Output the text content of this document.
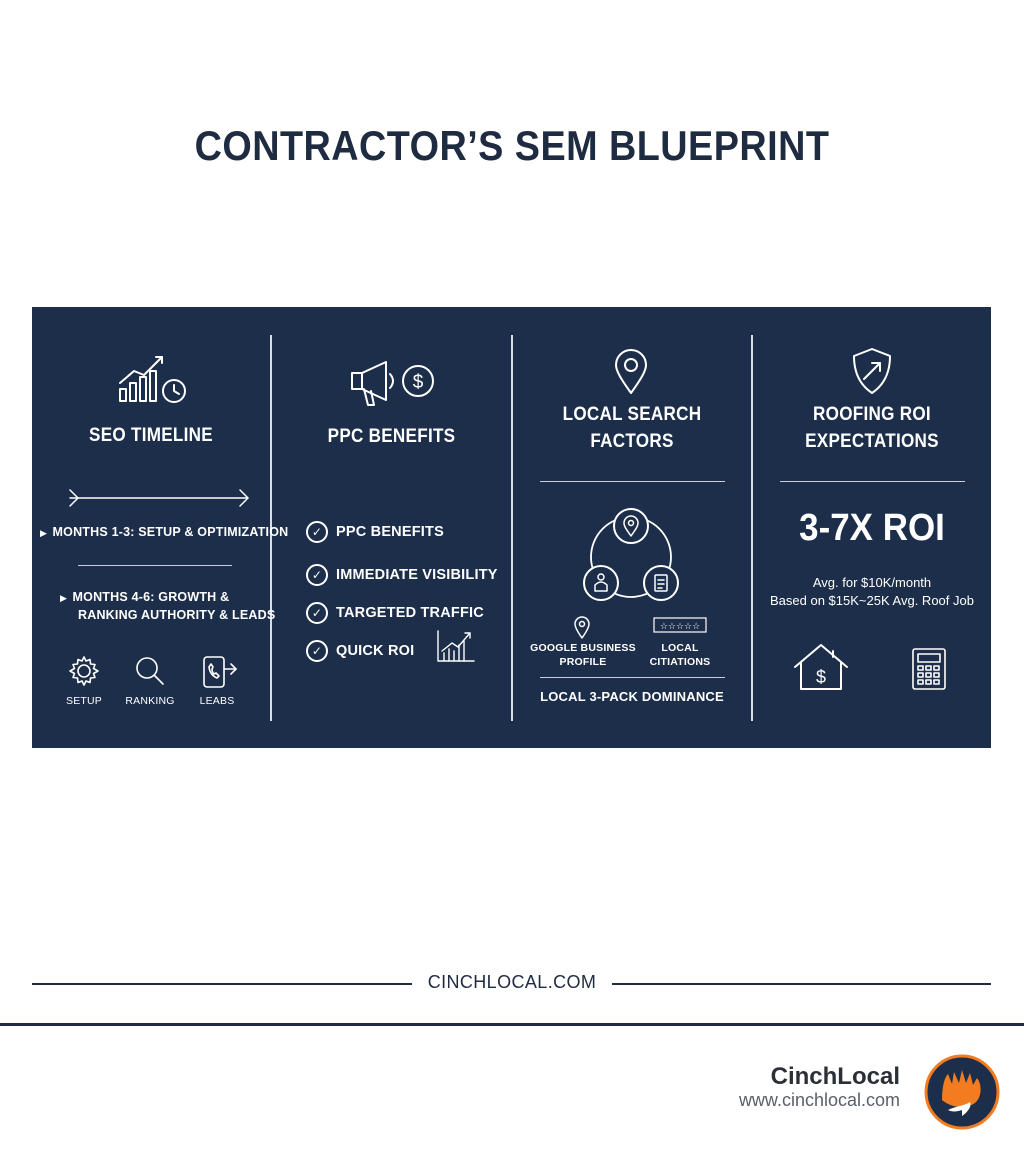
CONTRACTOR’S SEM BLUEPRINT
SEO TIMELINE
▶  MONTHS 1-3: SETUP & OPTIMIZATION
▶  MONTHS 4-6: GROWTH &
RANKING AUTHORITY & LEADS
SETUP	RANKING	LEABS
$
PPC BENEFITS
✓ PPC BENEFITS
✓ IMMEDIATE VISIBILITY
✓ TARGETED TRAFFIC
✓ QUICK ROI
LOCAL SEARCH
FACTORS
☆☆☆☆☆
GOOGLE BUSINESS
PROFILE
LOCAL
CITIATIONS
LOCAL 3-PACK DOMINANCE
ROOFING ROI
EXPECTATIONS
3-7X ROI
Avg. for $10K/month
Based on $15K~25K Avg. Roof Job
$
CINCHLOCAL.COM
CinchLocal
www.cinchlocal.com
